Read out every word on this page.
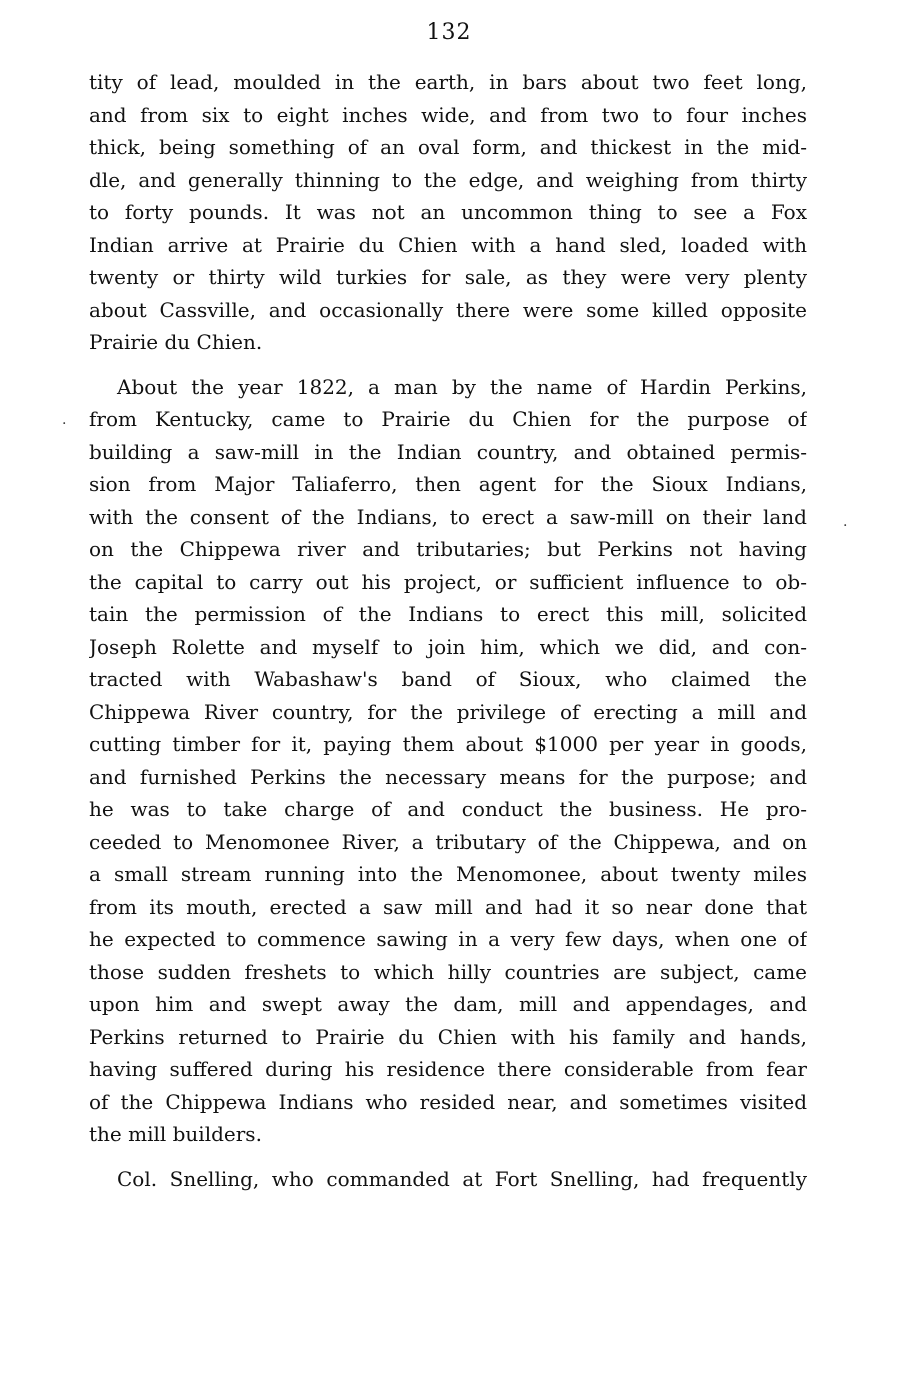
132
.
.
tity of lead, moulded in the earth, in bars about two feet long,
and from six to eight inches wide, and from two to four inches
thick, being something of an oval form, and thickest in the mid-
dle, and generally thinning to the edge, and weighing from thirty
to forty pounds. It was not an uncommon thing to see a Fox
Indian arrive at Prairie du Chien with a hand sled, loaded with
twenty or thirty wild turkies for sale, as they were very plenty
about Cassville, and occasionally there were some killed opposite
Prairie du Chien.
About the year 1822, a man by the name of Hardin Perkins,
from Kentucky, came to Prairie du Chien for the purpose of
building a saw-mill in the Indian country, and obtained permis-
sion from Major Taliaferro, then agent for the Sioux Indians,
with the consent of the Indians, to erect a saw-mill on their land
on the Chippewa river and tributaries; but Perkins not having
the capital to carry out his project, or sufficient influence to ob-
tain the permission of the Indians to erect this mill, solicited
Joseph Rolette and myself to join him, which we did, and con-
tracted with Wabashaw's band of Sioux, who claimed the
Chippewa River country, for the privilege of erecting a mill and
cutting timber for it, paying them about $1000 per year in goods,
and furnished Perkins the necessary means for the purpose; and
he was to take charge of and conduct the business. He pro-
ceeded to Menomonee River, a tributary of the Chippewa, and on
a small stream running into the Menomonee, about twenty miles
from its mouth, erected a saw mill and had it so near done that
he expected to commence sawing in a very few days, when one of
those sudden freshets to which hilly countries are subject, came
upon him and swept away the dam, mill and appendages, and
Perkins returned to Prairie du Chien with his family and hands,
having suffered during his residence there considerable from fear
of the Chippewa Indians who resided near, and sometimes visited
the mill builders.
Col. Snelling, who commanded at Fort Snelling, had frequently
